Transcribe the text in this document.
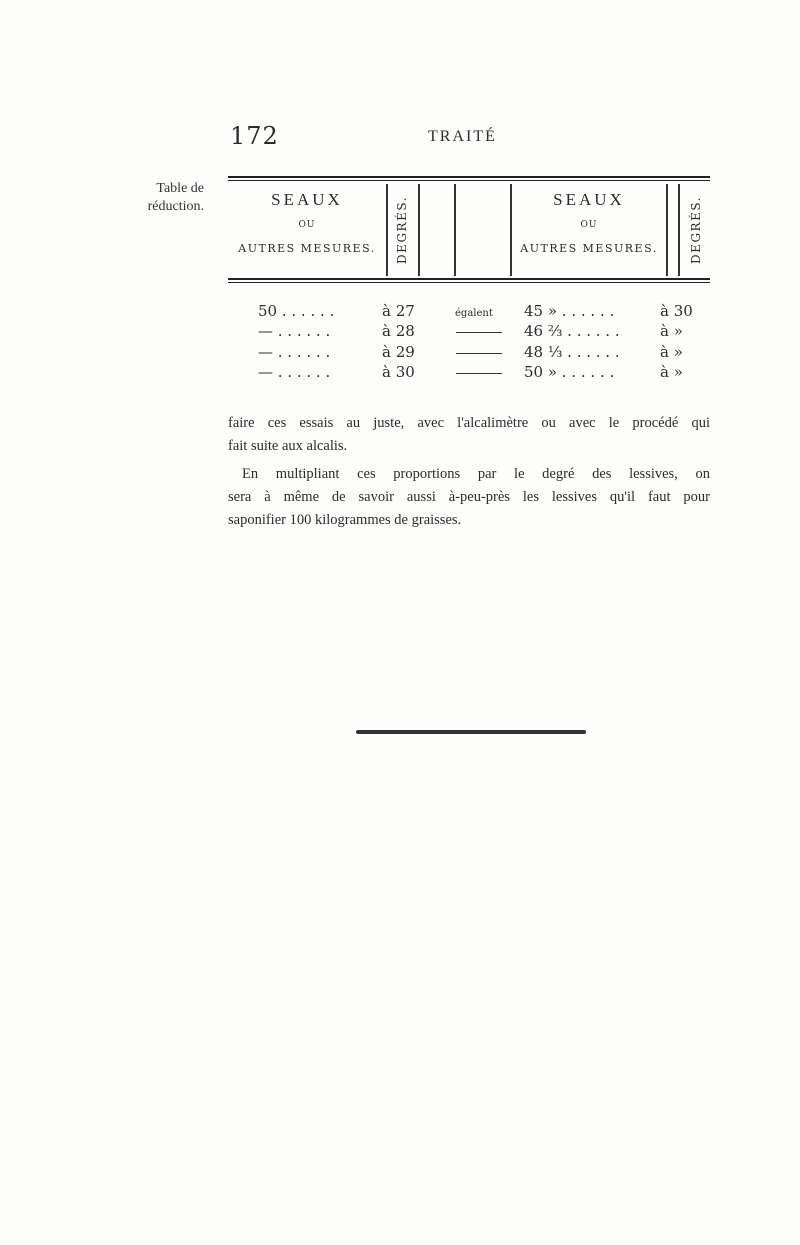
172	TRAITÉ
Table de
réduction.	SEAUX
OU
AUTRES MESURES.	DEGRÉS.	SEAUX
OU
AUTRES MESURES.	DEGRÉS.
50 . . . . . .	à 27	égalent 45 » . . . . . .	à 30
— . . . . . .	à 28	46 ⅔ . . . . . .	à »
— . . . . . .	à 29	48 ⅓ . . . . . .	à »
— . . . . . .	à 30	50 » . . . . . .	à »
faire ces essais au juste, avec l'alcalimètre ou avec le procédé qui
fait suite aux alcalis.
En multipliant ces proportions par le degré des lessives, on
sera à même de savoir aussi à-peu-près les lessives qu'il faut pour
saponifier 100 kilogrammes de graisses.
